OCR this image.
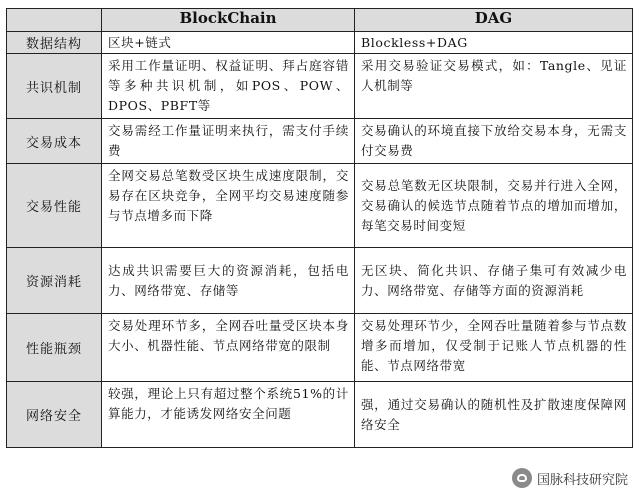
	BlockChain	DAG
数据结构	区块+链式	Blockless+DAG
共识机制	采用工作量证明、权益证明、拜占庭容错等多种共识机制，如POS、POW、DPOS、PBFT等	采用交易验证交易模式，如：Tangle、见证人机制等
交易成本	交易需经工作量证明来执行，需支付手续费	交易确认的环境直接下放给交易本身，无需支付交易费
交易性能	全网交易总笔数受区块生成速度限制，交易存在区块竞争，全网平均交易速度随参与节点增多而下降	交易总笔数无区块限制，交易并行进入全网，交易确认的候选节点随着节点的增加而增加，每笔交易时间变短
资源消耗	达成共识需要巨大的资源消耗，包括电力、网络带宽、存储等	无区块、简化共识、存储子集可有效减少电力、网络带宽、存储等方面的资源消耗
性能瓶颈	交易处理环节多，全网吞吐量受区块本身大小、机器性能、节点网络带宽的限制	交易处理环节少，全网吞吐量随着参与节点数增多而增加，仅受制于记账人节点机器的性能、节点网络带宽
网络安全	较强，理论上只有超过整个系统51%的计算能力，才能诱发网络安全问题	强，通过交易确认的随机性及扩散速度保障网络安全
国脉科技研究院
